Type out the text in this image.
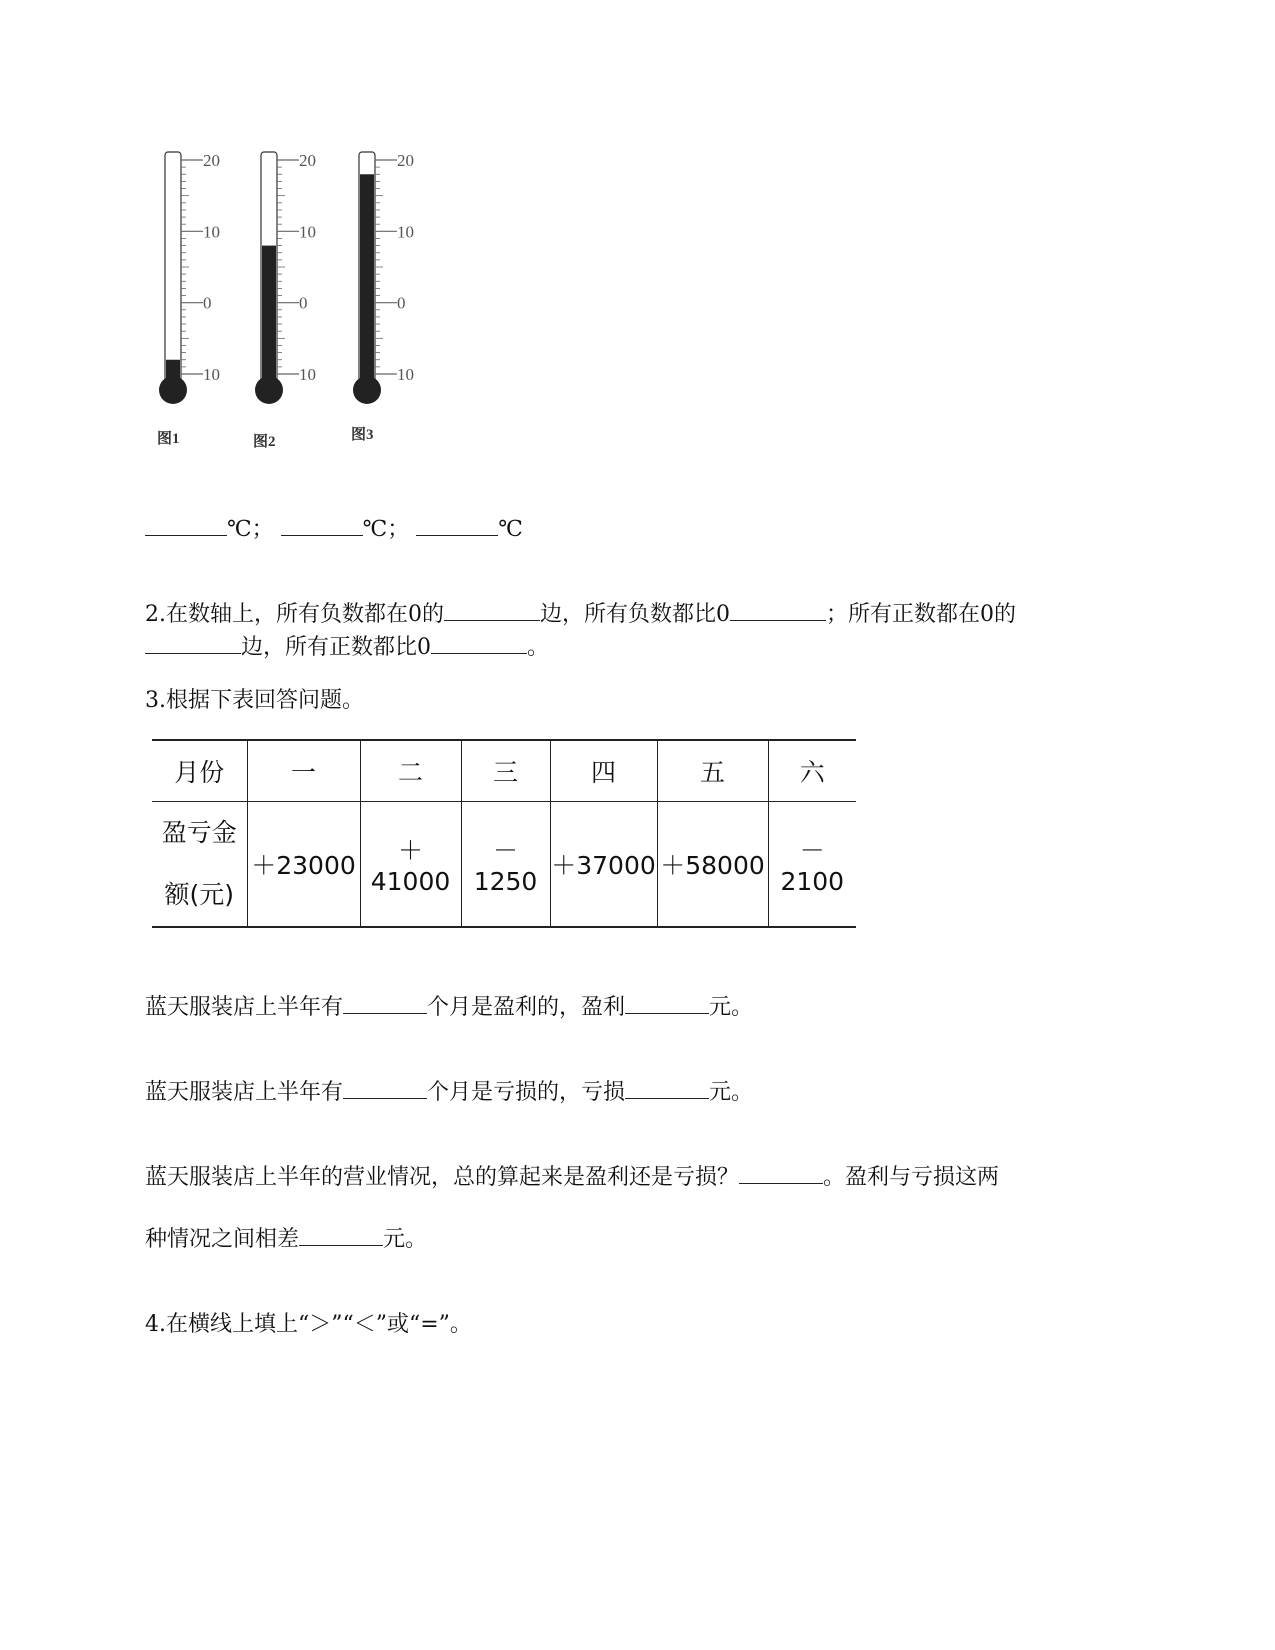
20
10
0
10
图1
20
10
0
10
图2
20
10
0
10
图3
℃；	℃；	℃
2.在数轴上，所有负数都在0的	边，所有负数都比0	；所有正数都在0的
边，所有正数都比0	。
3.根据下表回答问题。
月份	一	二	三	四	五	六

盈亏金
额(元)	＋23000	＋41000	－1250	＋37000	＋58000	－2100
蓝天服装店上半年有	个月是盈利的，盈利	元。
蓝天服装店上半年有	个月是亏损的，亏损	元。
蓝天服装店上半年的营业情况，总的算起来是盈利还是亏损？	。盈利与亏损这两
种情况之间相差	元。
4.在横线上填上“＞”“＜”或“=”。
